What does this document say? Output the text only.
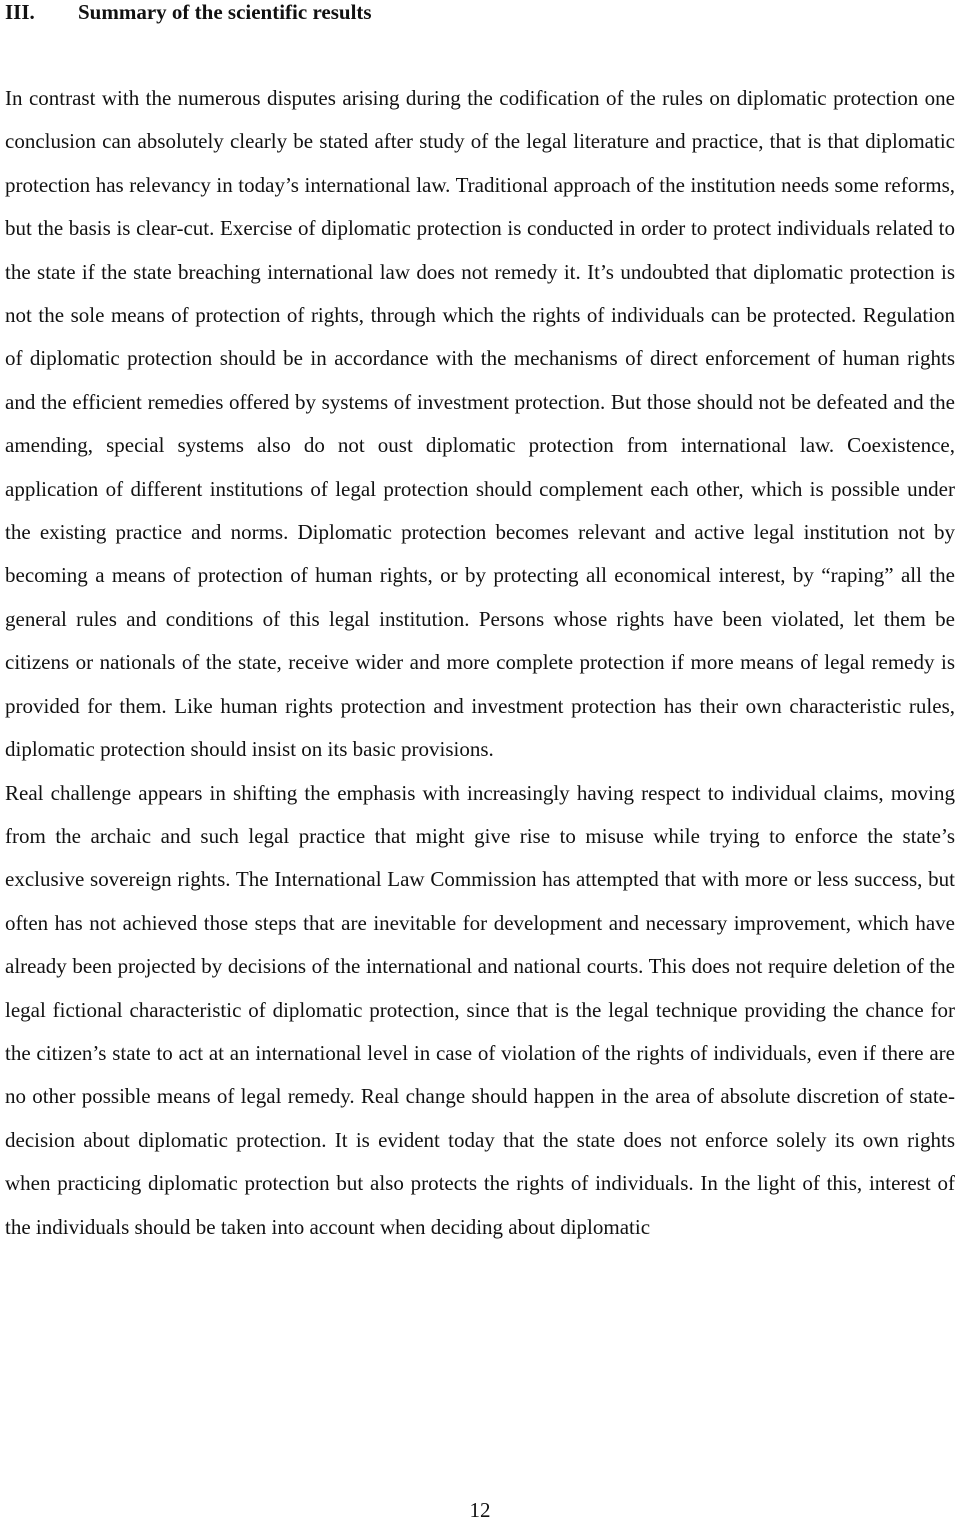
III. Summary of the scientific results

In contrast with the numerous disputes arising during the codification of the rules on diplomatic protection one conclusion can absolutely clearly be stated after study of the legal literature and practice, that is that diplomatic protection has relevancy in today’s international law. Traditional approach of the institution needs some reforms, but the basis is clear-cut. Exercise of diplomatic protection is conducted in order to protect individuals related to the state if the state breaching international law does not remedy it. It’s undoubted that diplomatic protection is not the sole means of protection of rights, through which the rights of individuals can be protected. Regulation of diplomatic protection should be in accordance with the mechanisms of direct enforcement of human rights and the efficient remedies offered by systems of investment protection. But those should not be defeated and the amending, special systems also do not oust diplomatic protection from international law. Coexistence, application of different institutions of legal protection should complement each other, which is possible under the existing practice and norms. Diplomatic protection becomes relevant and active legal institution not by becoming a means of protection of human rights, or by protecting all economical interest, by “raping” all the general rules and conditions of this legal institution. Persons whose rights have been violated, let them be citizens or nationals of the state, receive wider and more complete protection if more means of legal remedy is provided for them. Like human rights protection and investment protection has their own characteristic rules, diplomatic protection should insist on its basic provisions.

Real challenge appears in shifting the emphasis with increasingly having respect to individual claims, moving from the archaic and such legal practice that might give rise to misuse while trying to enforce the state’s exclusive sovereign rights. The International Law Commission has attempted that with more or less success, but often has not achieved those steps that are inevitable for development and necessary improvement, which have already been projected by decisions of the international and national courts. This does not require deletion of the legal fictional characteristic of diplomatic protection, since that is the legal technique providing the chance for the citizen’s state to act at an international level in case of violation of the rights of individuals, even if there are no other possible means of legal remedy. Real change should happen in the area of absolute discretion of state-decision about diplomatic protection. It is evident today that the state does not enforce solely its own rights when practicing diplomatic protection but also protects the rights of individuals. In the light of this, interest of the individuals should be taken into account when deciding about diplomatic

12
